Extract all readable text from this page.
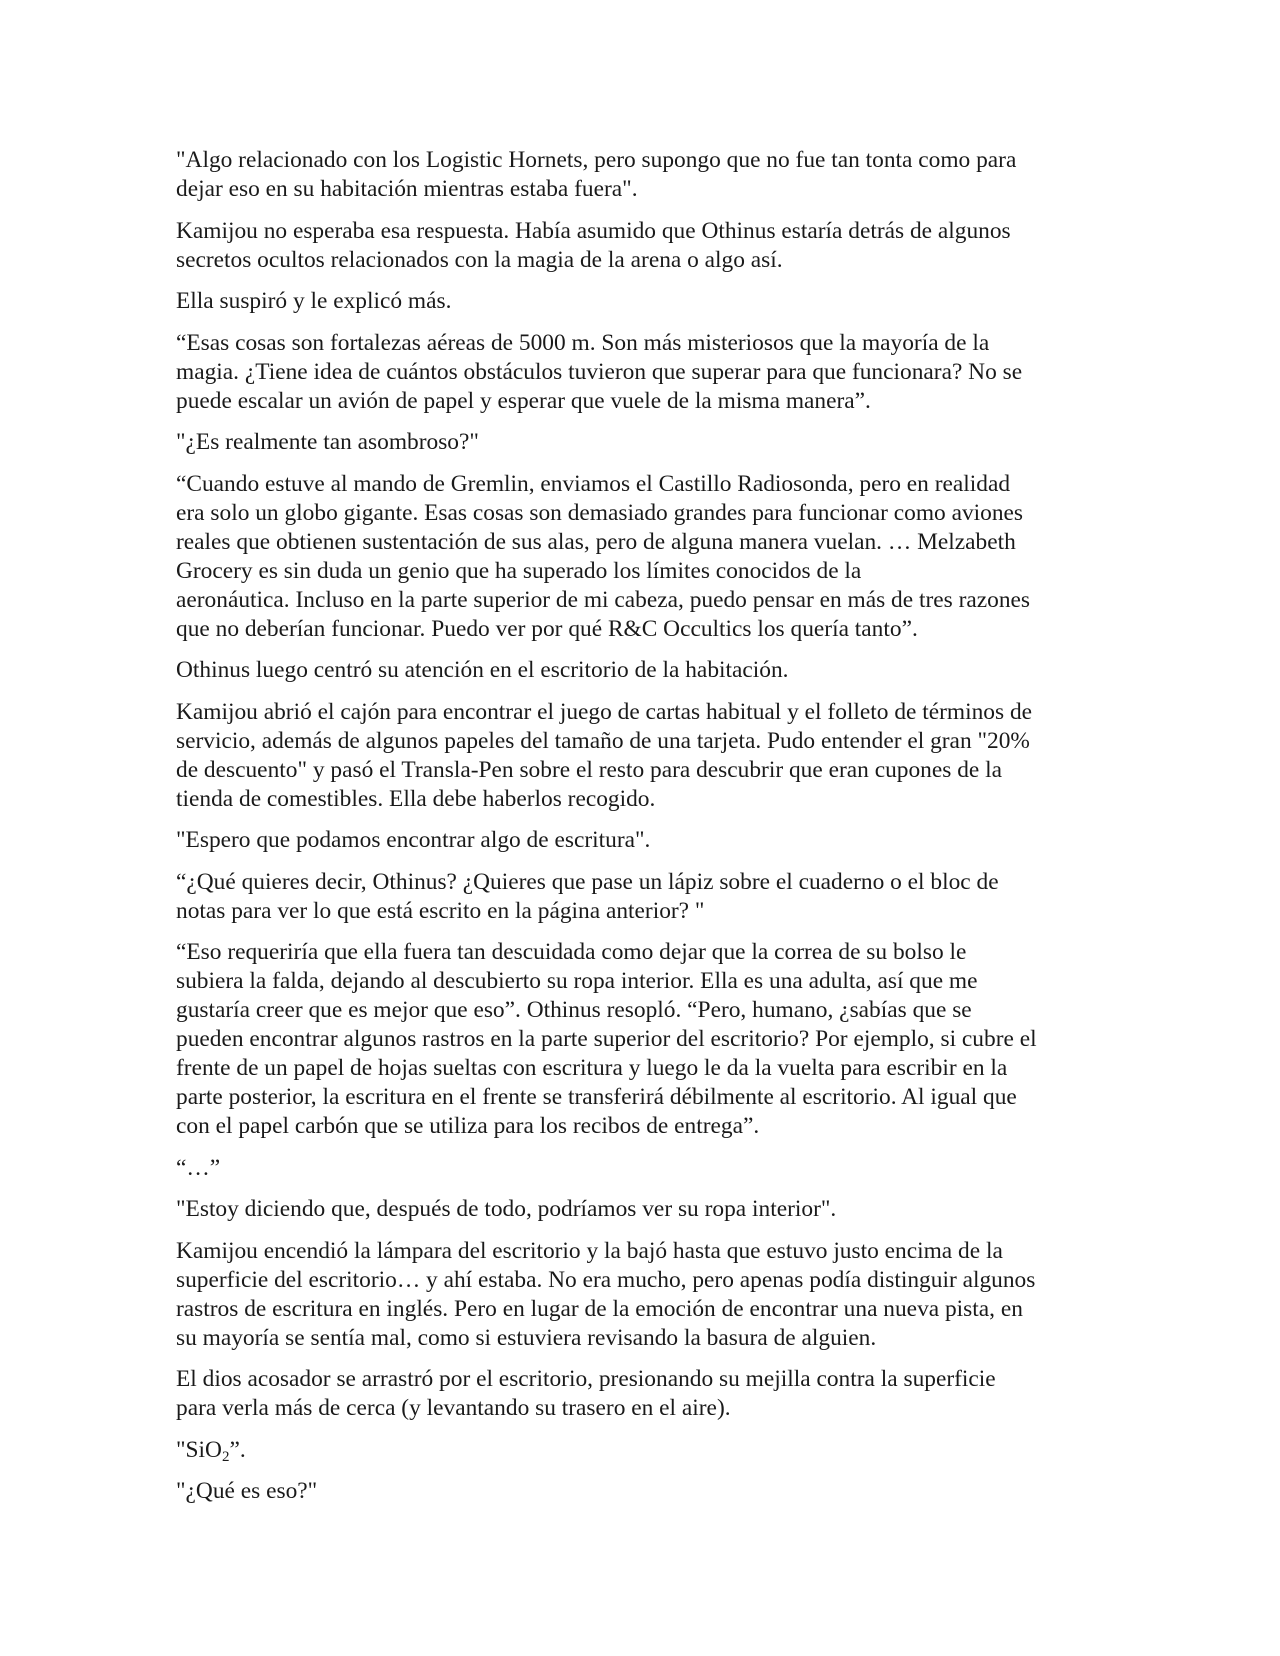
"Algo relacionado con los Logistic Hornets, pero supongo que no fue tan tonta como para
dejar eso en su habitación mientras estaba fuera".

Kamijou no esperaba esa respuesta. Había asumido que Othinus estaría detrás de algunos
secretos ocultos relacionados con la magia de la arena o algo así.

Ella suspiró y le explicó más.

“Esas cosas son fortalezas aéreas de 5000 m. Son más misteriosos que la mayoría de la
magia. ¿Tiene idea de cuántos obstáculos tuvieron que superar para que funcionara? No se
puede escalar un avión de papel y esperar que vuele de la misma manera”.

"¿Es realmente tan asombroso?"

“Cuando estuve al mando de Gremlin, enviamos el Castillo Radiosonda, pero en realidad
era solo un globo gigante. Esas cosas son demasiado grandes para funcionar como aviones
reales que obtienen sustentación de sus alas, pero de alguna manera vuelan. … Melzabeth
Grocery es sin duda un genio que ha superado los límites conocidos de la
aeronáutica. Incluso en la parte superior de mi cabeza, puedo pensar en más de tres razones
que no deberían funcionar. Puedo ver por qué R&C Occultics los quería tanto”.

Othinus luego centró su atención en el escritorio de la habitación.

Kamijou abrió el cajón para encontrar el juego de cartas habitual y el folleto de términos de
servicio, además de algunos papeles del tamaño de una tarjeta. Pudo entender el gran "20%
de descuento" y pasó el Transla-Pen sobre el resto para descubrir que eran cupones de la
tienda de comestibles. Ella debe haberlos recogido.

"Espero que podamos encontrar algo de escritura".

“¿Qué quieres decir, Othinus? ¿Quieres que pase un lápiz sobre el cuaderno o el bloc de
notas para ver lo que está escrito en la página anterior? "

“Eso requeriría que ella fuera tan descuidada como dejar que la correa de su bolso le
subiera la falda, dejando al descubierto su ropa interior. Ella es una adulta, así que me
gustaría creer que es mejor que eso”. Othinus resopló. “Pero, humano, ¿sabías que se
pueden encontrar algunos rastros en la parte superior del escritorio? Por ejemplo, si cubre el
frente de un papel de hojas sueltas con escritura y luego le da la vuelta para escribir en la
parte posterior, la escritura en el frente se transferirá débilmente al escritorio. Al igual que
con el papel carbón que se utiliza para los recibos de entrega”.

“…”

"Estoy diciendo que, después de todo, podríamos ver su ropa interior".

Kamijou encendió la lámpara del escritorio y la bajó hasta que estuvo justo encima de la
superficie del escritorio… y ahí estaba. No era mucho, pero apenas podía distinguir algunos
rastros de escritura en inglés. Pero en lugar de la emoción de encontrar una nueva pista, en
su mayoría se sentía mal, como si estuviera revisando la basura de alguien.

El dios acosador se arrastró por el escritorio, presionando su mejilla contra la superficie
para verla más de cerca (y levantando su trasero en el aire).

"SiO$_2$”.

"¿Qué es eso?"
